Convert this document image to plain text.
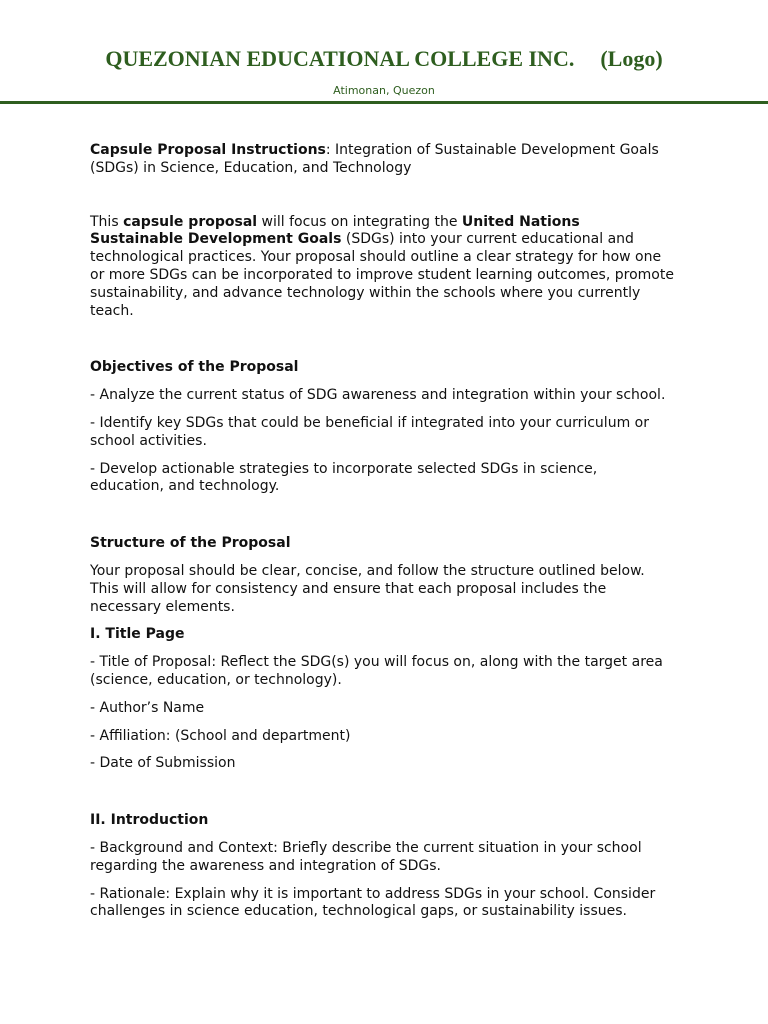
QUEZONIAN EDUCATIONAL COLLEGE INC. (Logo)
Atimonan, Quezon

Capsule Proposal Instructions: Integration of Sustainable Development Goals (SDGs) in Science, Education, and Technology

This capsule proposal will focus on integrating the United Nations Sustainable Development Goals (SDGs) into your current educational and technological practices. Your proposal should outline a clear strategy for how one or more SDGs can be incorporated to improve student learning outcomes, promote sustainability, and advance technology within the schools where you currently teach.

Objectives of the Proposal

- Analyze the current status of SDG awareness and integration within your school.

- Identify key SDGs that could be beneficial if integrated into your curriculum or school activities.

- Develop actionable strategies to incorporate selected SDGs in science, education, and technology.

Structure of the Proposal

Your proposal should be clear, concise, and follow the structure outlined below. This will allow for consistency and ensure that each proposal includes the necessary elements.

I. Title Page

- Title of Proposal: Reflect the SDG(s) you will focus on, along with the target area (science, education, or technology).

- Author’s Name

- Affiliation: (School and department)

- Date of Submission

II. Introduction

- Background and Context: Briefly describe the current situation in your school regarding the awareness and integration of SDGs.

- Rationale: Explain why it is important to address SDGs in your school. Consider challenges in science education, technological gaps, or sustainability issues.
